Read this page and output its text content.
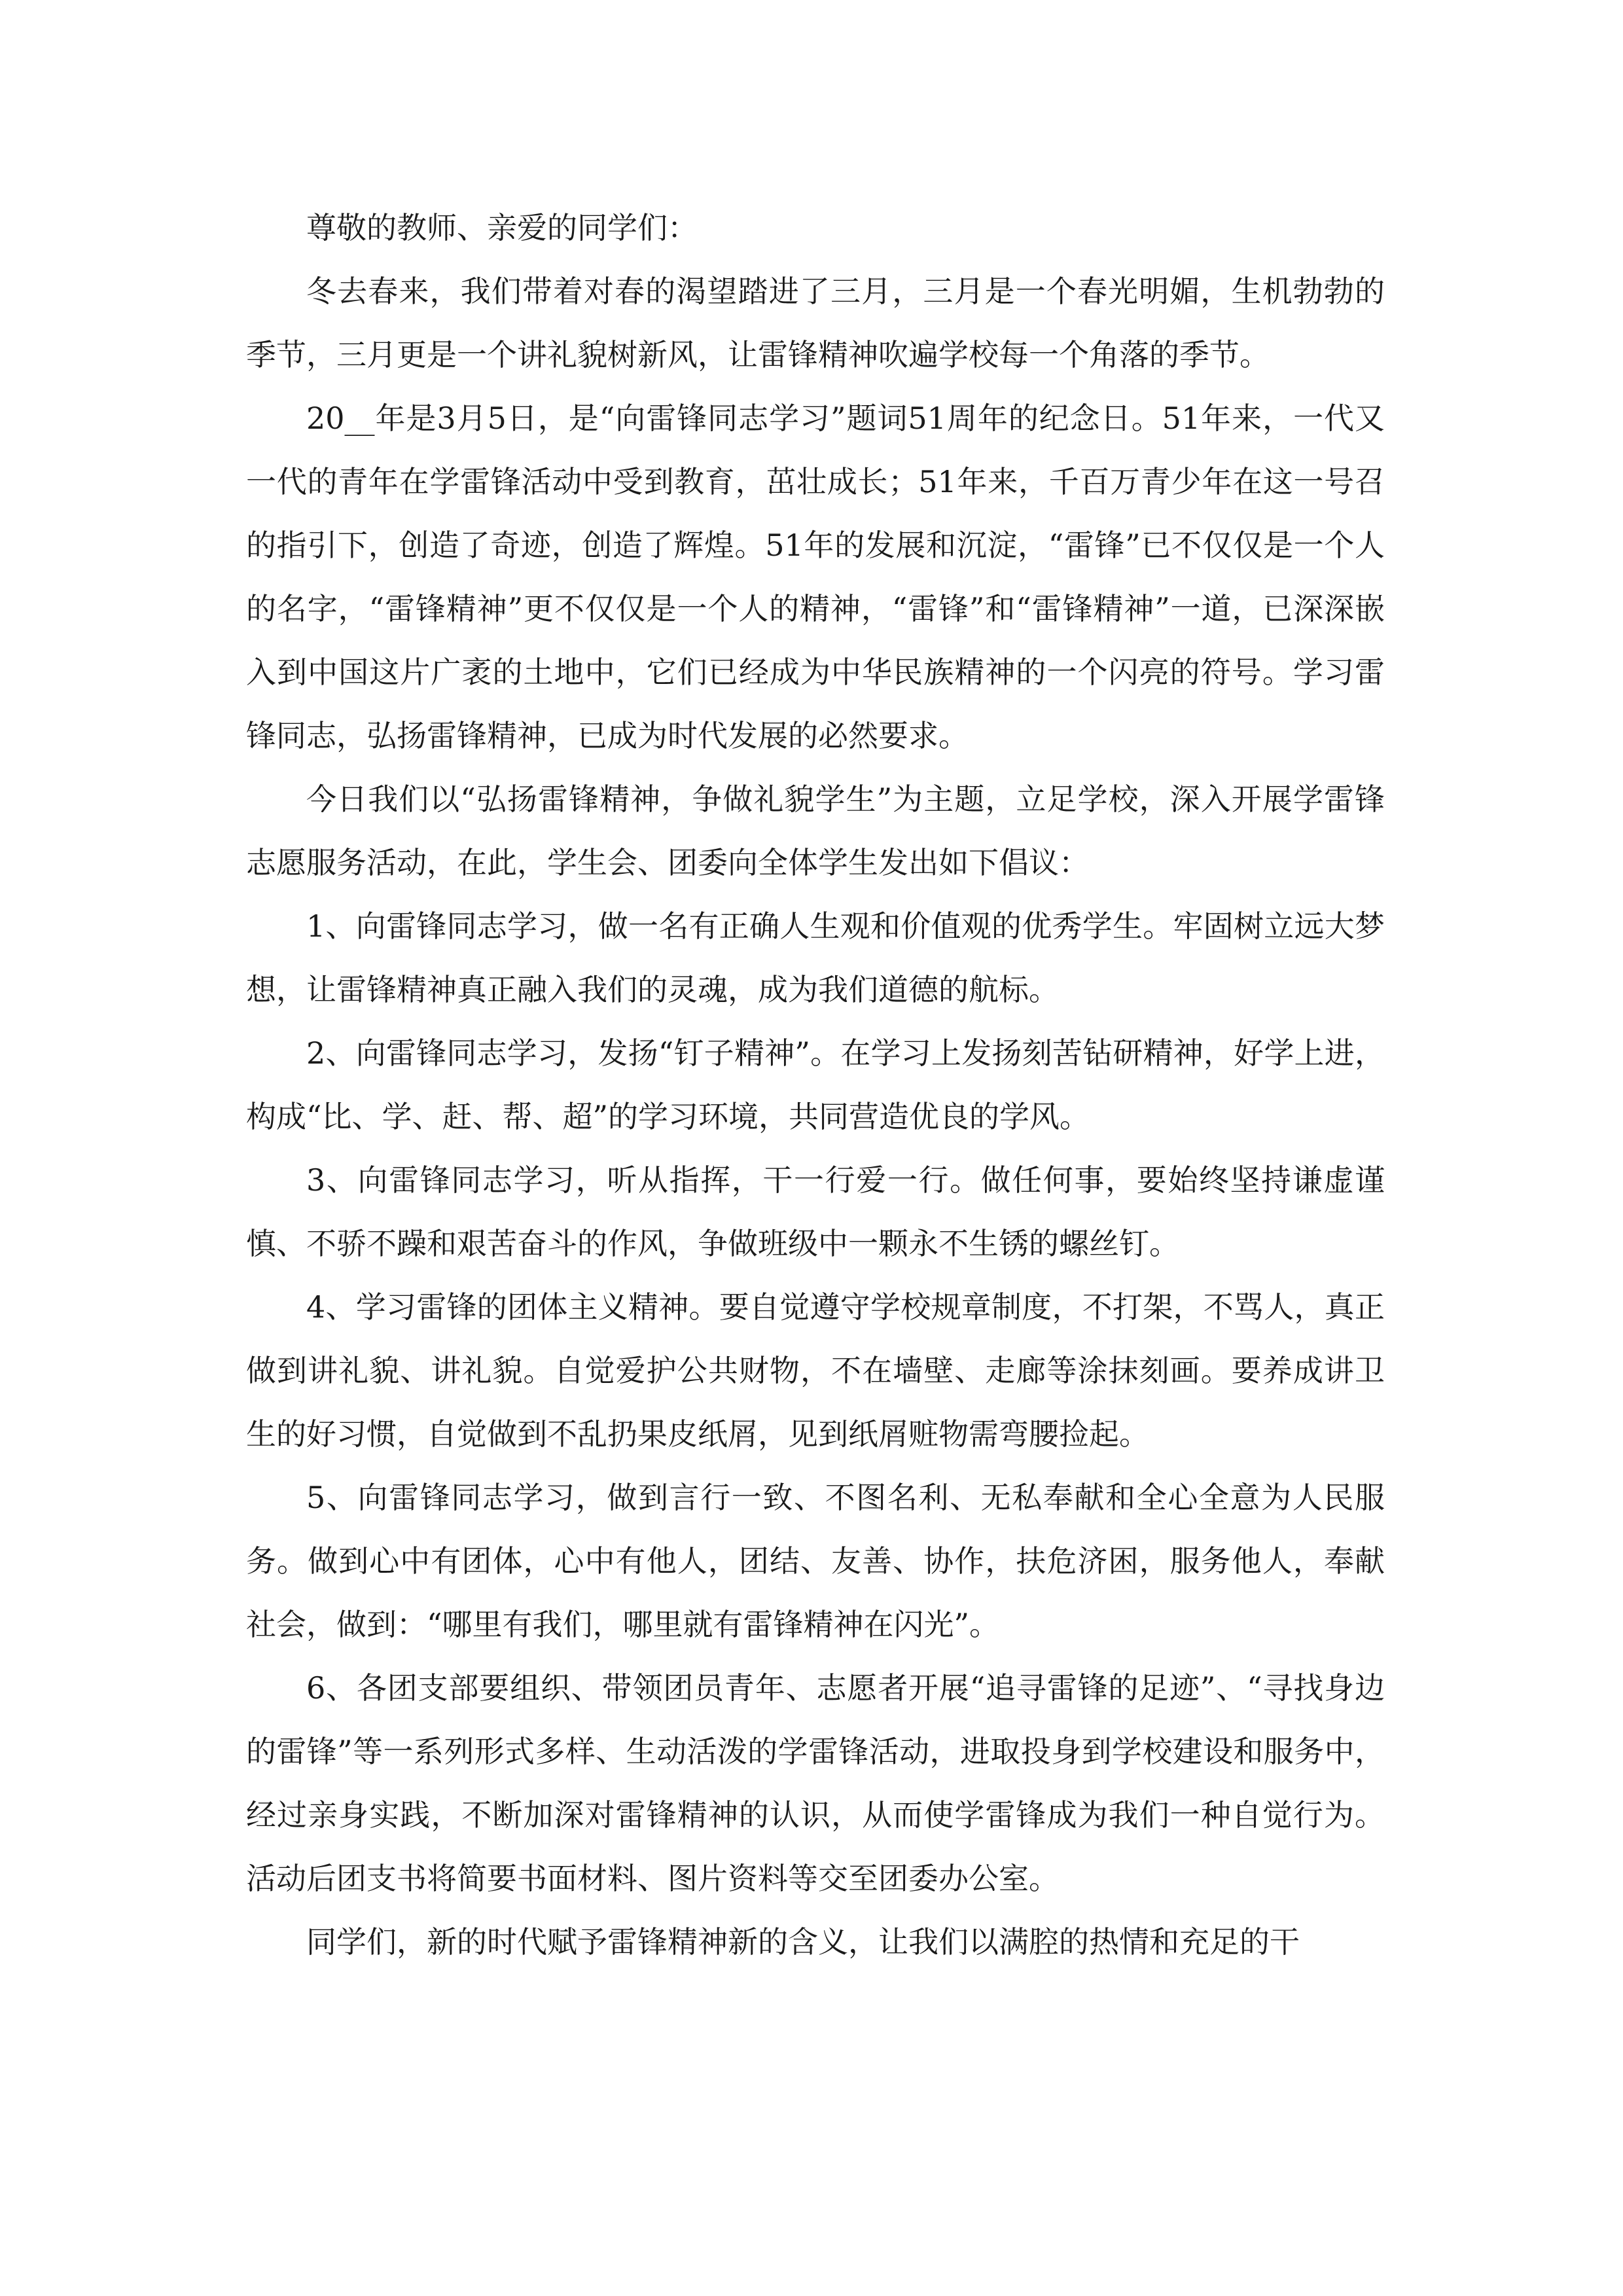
尊敬的教师、亲爱的同学们：

冬去春来，我们带着对春的渴望踏进了三月，三月是一个春光明媚，生机勃勃的季节，三月更是一个讲礼貌树新风，让雷锋精神吹遍学校每一个角落的季节。

20__年是3月5日，是“向雷锋同志学习”题词51周年的纪念日。51年来，一代又一代的青年在学雷锋活动中受到教育，茁壮成长；51年来，千百万青少年在这一号召的指引下，创造了奇迹，创造了辉煌。51年的发展和沉淀，“雷锋”已不仅仅是一个人的名字，“雷锋精神”更不仅仅是一个人的精神，“雷锋”和“雷锋精神”一道，已深深嵌入到中国这片广袤的土地中，它们已经成为中华民族精神的一个闪亮的符号。学习雷锋同志，弘扬雷锋精神，已成为时代发展的必然要求。

今日我们以“弘扬雷锋精神，争做礼貌学生”为主题，立足学校，深入开展学雷锋志愿服务活动，在此，学生会、团委向全体学生发出如下倡议：

1、向雷锋同志学习，做一名有正确人生观和价值观的优秀学生。牢固树立远大梦想，让雷锋精神真正融入我们的灵魂，成为我们道德的航标。

2、向雷锋同志学习，发扬“钉子精神”。在学习上发扬刻苦钻研精神，好学上进，构成“比、学、赶、帮、超”的学习环境，共同营造优良的学风。

3、向雷锋同志学习，听从指挥，干一行爱一行。做任何事，要始终坚持谦虚谨慎、不骄不躁和艰苦奋斗的作风，争做班级中一颗永不生锈的螺丝钉。

4、学习雷锋的团体主义精神。要自觉遵守学校规章制度，不打架，不骂人，真正做到讲礼貌、讲礼貌。自觉爱护公共财物，不在墙壁、走廊等涂抹刻画。要养成讲卫生的好习惯，自觉做到不乱扔果皮纸屑，见到纸屑赃物需弯腰捡起。

5、向雷锋同志学习，做到言行一致、不图名利、无私奉献和全心全意为人民服务。做到心中有团体，心中有他人，团结、友善、协作，扶危济困，服务他人，奉献社会，做到：“哪里有我们，哪里就有雷锋精神在闪光”。

6、各团支部要组织、带领团员青年、志愿者开展“追寻雷锋的足迹”、“寻找身边的雷锋”等一系列形式多样、生动活泼的学雷锋活动，进取投身到学校建设和服务中，经过亲身实践，不断加深对雷锋精神的认识，从而使学雷锋成为我们一种自觉行为。活动后团支书将简要书面材料、图片资料等交至团委办公室。

同学们，新的时代赋予雷锋精神新的含义，让我们以满腔的热情和充足的干
